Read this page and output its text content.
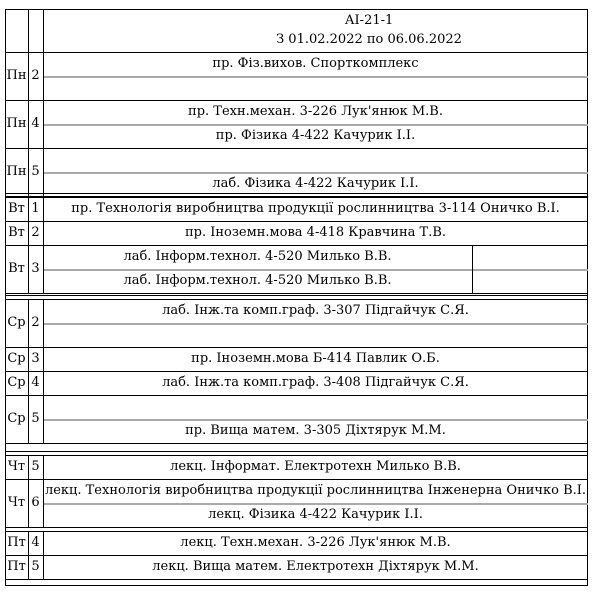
АІ-21-1
З 01.02.2022 по 06.06.2022
Пн 2
пр. Фіз.вихов. Спорткомплекс
Пн 4
пр. Техн.механ. 3-226 Лук'янюк М.В.
пр. Фізика 4-422 Качурик І.І.
Пн 5
лаб. Фізика 4-422 Качурик І.І.
Вт 1 пр. Технологія виробництва продукції рослинництва 3-114 Оничко В.І.
Вт 2	пр. Іноземн.мова 4-418 Кравчина Т.В.
Вт 3
лаб. Інформ.технол. 4-520 Милько В.В.
лаб. Інформ.технол. 4-520 Милько В.В.
Ср 2
лаб. Інж.та комп.граф. 3-307 Підгайчук С.Я.
Ср 3	пр. Іноземн.мова Б-414 Павлик О.Б.
Ср 4	лаб. Інж.та комп.граф. 3-408 Підгайчук С.Я.
Ср 5
пр. Вища матем. 3-305 Діхтярук М.М.
Чт 5	лекц. Інформат. Електротехн Милько В.В.
Чт 6
лекц. Технологія виробництва продукції рослинництва Інженерна Оничко В.І.
лекц. Фізика 4-422 Качурик І.І.
Пт 4	лекц. Техн.механ. 3-226 Лук'янюк М.В.
Пт 5	лекц. Вища матем. Електротехн Діхтярук М.М.
